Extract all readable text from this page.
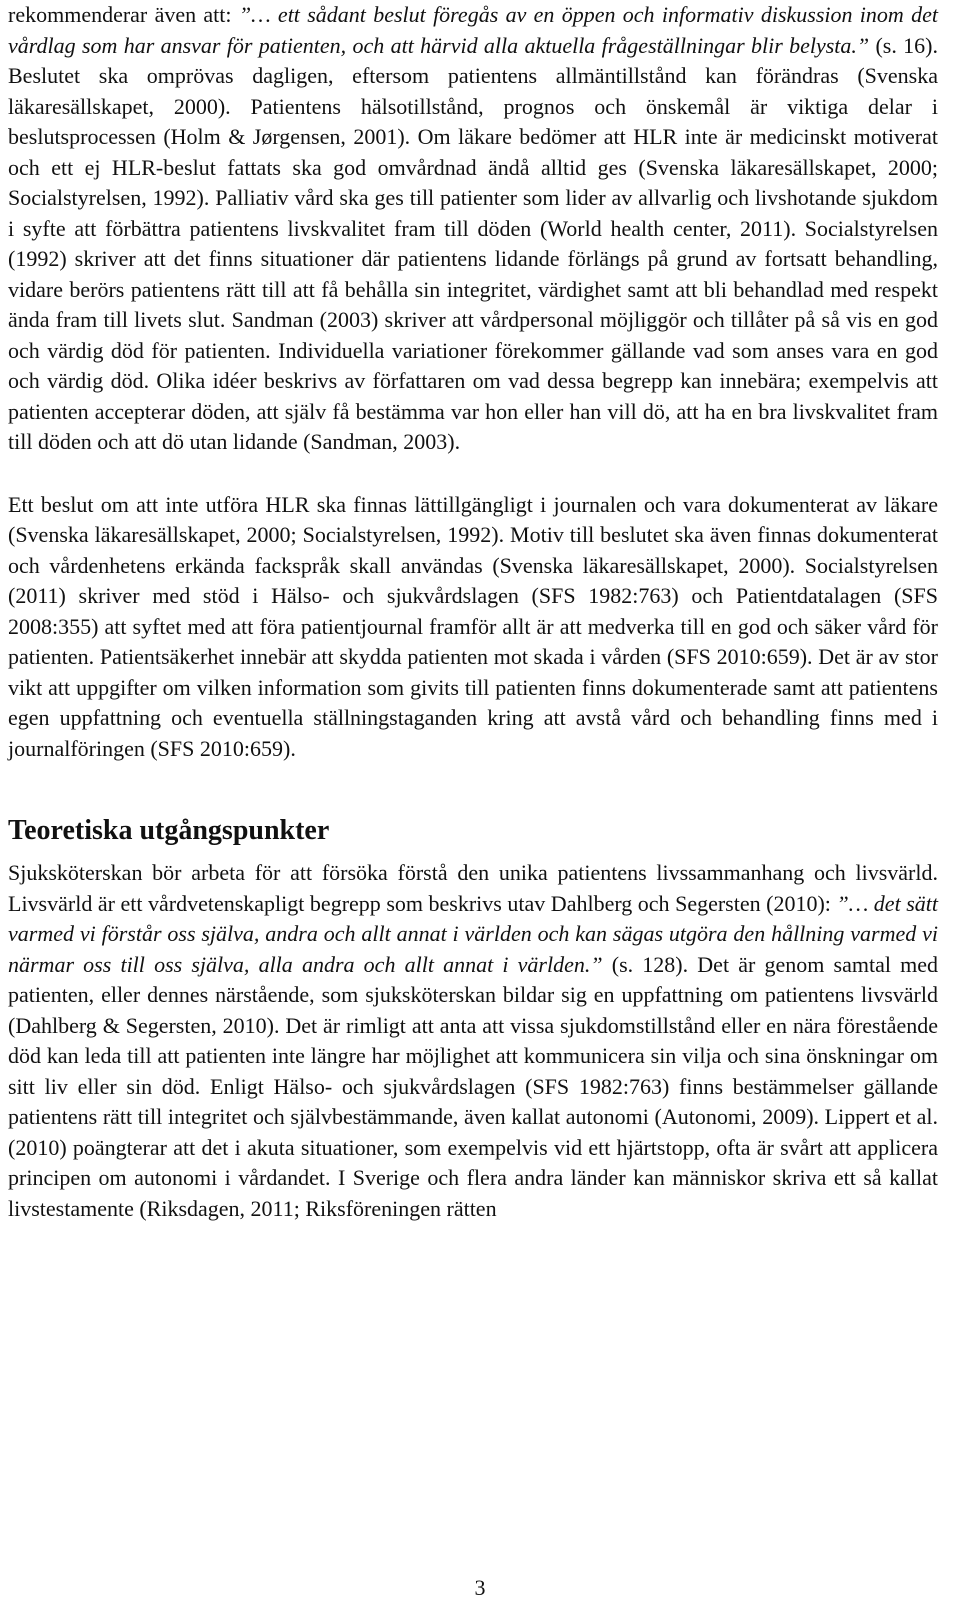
rekommenderar även att: ”… ett sådant beslut föregås av en öppen och informativ diskussion inom det vårdlag som har ansvar för patienten, och att härvid alla aktuella frågeställningar blir belysta.” (s. 16). Beslutet ska omprövas dagligen, eftersom patientens allmäntillstånd kan förändras (Svenska läkaresällskapet, 2000). Patientens hälsotillstånd, prognos och önskemål är viktiga delar i beslutsprocessen (Holm & Jørgensen, 2001). Om läkare bedömer att HLR inte är medicinskt motiverat och ett ej HLR-beslut fattats ska god omvårdnad ändå alltid ges (Svenska läkaresällskapet, 2000; Socialstyrelsen, 1992). Palliativ vård ska ges till patienter som lider av allvarlig och livshotande sjukdom i syfte att förbättra patientens livskvalitet fram till döden (World health center, 2011). Socialstyrelsen (1992) skriver att det finns situationer där patientens lidande förlängs på grund av fortsatt behandling, vidare berörs patientens rätt till att få behålla sin integritet, värdighet samt att bli behandlad med respekt ända fram till livets slut. Sandman (2003) skriver att vårdpersonal möjliggör och tillåter på så vis en god och värdig död för patienten. Individuella variationer förekommer gällande vad som anses vara en god och värdig död. Olika idéer beskrivs av författaren om vad dessa begrepp kan innebära; exempelvis att patienten accepterar döden, att själv få bestämma var hon eller han vill dö, att ha en bra livskvalitet fram till döden och att dö utan lidande (Sandman, 2003).

Ett beslut om att inte utföra HLR ska finnas lättillgängligt i journalen och vara dokumenterat av läkare (Svenska läkaresällskapet, 2000; Socialstyrelsen, 1992). Motiv till beslutet ska även finnas dokumenterat och vårdenhetens erkända fackspråk skall användas (Svenska läkaresällskapet, 2000). Socialstyrelsen (2011) skriver med stöd i Hälso- och sjukvårdslagen (SFS 1982:763) och Patientdatalagen (SFS 2008:355) att syftet med att föra patientjournal framför allt är att medverka till en god och säker vård för patienten. Patientsäkerhet innebär att skydda patienten mot skada i vården (SFS 2010:659). Det är av stor vikt att uppgifter om vilken information som givits till patienten finns dokumenterade samt att patientens egen uppfattning och eventuella ställningstaganden kring att avstå vård och behandling finns med i journalföringen (SFS 2010:659).

Teoretiska utgångspunkter

Sjuksköterskan bör arbeta för att försöka förstå den unika patientens livssammanhang och livsvärld. Livsvärld är ett vårdvetenskapligt begrepp som beskrivs utav Dahlberg och Segersten (2010): ”… det sätt varmed vi förstår oss själva, andra och allt annat i världen och kan sägas utgöra den hållning varmed vi närmar oss till oss själva, alla andra och allt annat i världen.” (s. 128). Det är genom samtal med patienten, eller dennes närstående, som sjuksköterskan bildar sig en uppfattning om patientens livsvärld (Dahlberg & Segersten, 2010). Det är rimligt att anta att vissa sjukdomstillstånd eller en nära förestående död kan leda till att patienten inte längre har möjlighet att kommunicera sin vilja och sina önskningar om sitt liv eller sin död. Enligt Hälso- och sjukvårdslagen (SFS 1982:763) finns bestämmelser gällande patientens rätt till integritet och självbestämmande, även kallat autonomi (Autonomi, 2009). Lippert et al. (2010) poängterar att det i akuta situationer, som exempelvis vid ett hjärtstopp, ofta är svårt att applicera principen om autonomi i vårdandet. I Sverige och flera andra länder kan människor skriva ett så kallat livstestamente (Riksdagen, 2011; Riksföreningen rätten

3
